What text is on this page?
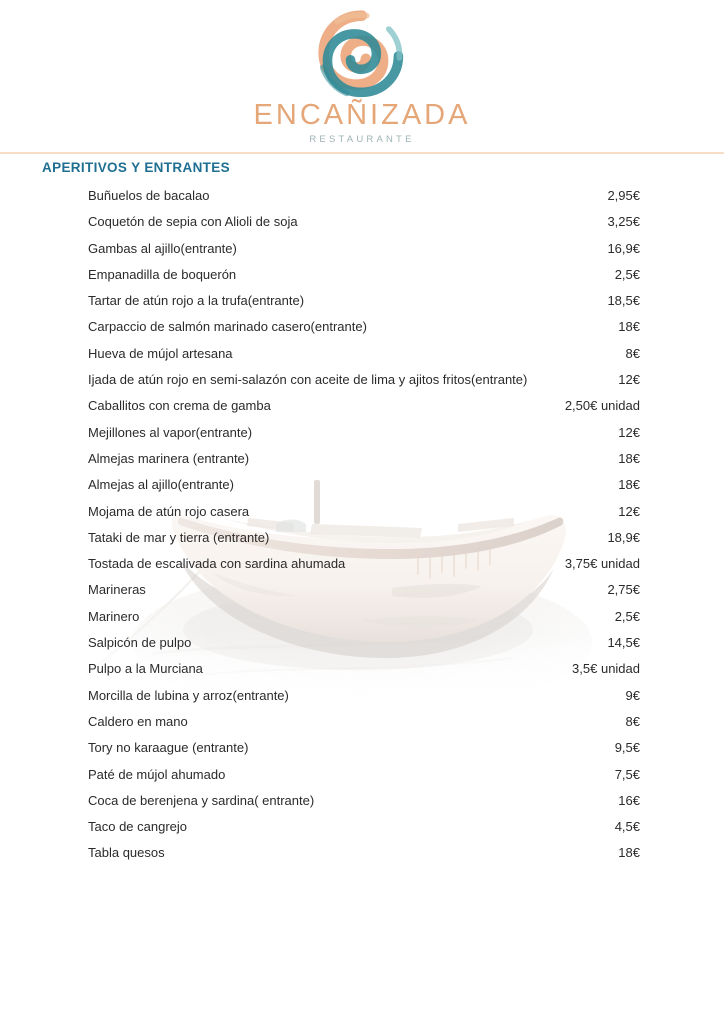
ENCAÑIZADA
RESTAURANTE
APERITIVOS Y ENTRANTES
Buñuelos de bacalao	2,95€
Coquetón de sepia con Alioli de soja	3,25€
Gambas al ajillo(entrante)	16,9€
Empanadilla de boquerón	2,5€
Tartar de atún rojo a la trufa(entrante)	18,5€
Carpaccio de salmón marinado casero(entrante)	18€
Hueva de mújol artesana	8€
Ijada de atún rojo en semi-salazón con aceite de lima y ajitos fritos(entrante)	12€
Caballitos con crema de gamba	2,50€ unidad
Mejillones al vapor(entrante)	12€
Almejas marinera (entrante)	18€
Almejas al ajillo(entrante)	18€
Mojama de atún rojo casera	12€
Tataki de mar y tierra (entrante)	18,9€
Tostada de escalivada con sardina ahumada	3,75€ unidad
Marineras	2,75€
Marinero	2,5€
Salpicón de pulpo	14,5€
Pulpo a la Murciana	3,5€ unidad
Morcilla de lubina y arroz(entrante)	9€
Caldero en mano	8€
Tory no karaague (entrante)	9,5€
Paté de mújol ahumado	7,5€
Coca de berenjena y sardina( entrante)	16€
Taco de cangrejo	4,5€
Tabla quesos	18€
